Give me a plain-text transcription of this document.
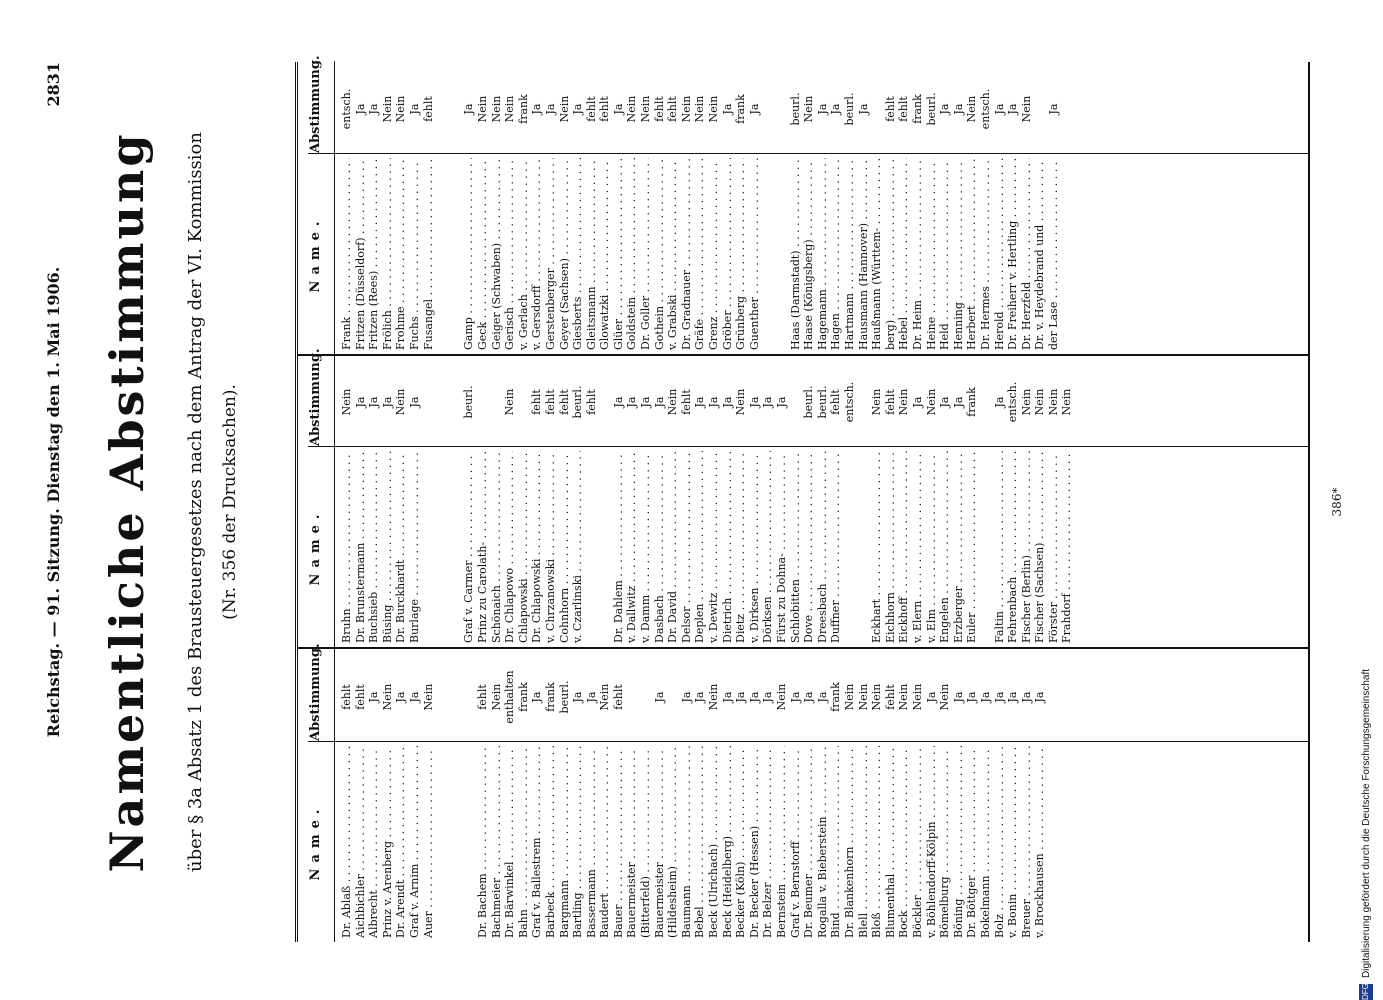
Reichstag. — 91. Sitzung. Dienstag den 1. Mai 1906.
2831
Namentliche Abstimmung über § 3a Absatz 1 des Brausteuergesetzes nach dem Antrag der VI. Kommission (Nr. 356 der Drucksachen).
Name.
Abstimmung.
Dr. Ablaß . . .
fehlt
Aichbichler . . .
fehlt
Albrecht . . .
Ja
Prinz v. Arenberg . . .
Nein
Dr. Arendt . . .
Ja
Graf v. Arnim . . .
Ja
Auer . . .
Nein
Dr. Bachem . . .
fehlt
Bachmeier . . .
Nein
Dr. Bärwinkel . . .
enthalten
Bahn . . .
frank
Graf v. Ballestrem . . .
Ja
Barbeck . . .
frank
Bargmann . . .
beurl.
Bartling . . .
Ja
Bassermann . . .
Ja
Baudert . . .
Nein
Bauer . . .
fehlt
Bauermeister . . . (Bitterfeld) . . . Bauermeister . . .
Ja
(Hildesheim) . . . Baumann . . .
Ja
Bebel . . .
Ja
Beck (Ulrichach) . . .
Nein
Beck (Heidelberg) . . .
Ja
Becker (Köln) . . .
Ja
Dr. Becker (Hessen) . . .
Ja
Dr. Belzer . . .
Ja
Bernstein . . .
Nein
Graf v. Bernstorff . . .
Ja
Dr. Beumer . . .
Ja
Rogalla v. Bieberstein . . .
Ja
Bind . . .
frank
Dr. Blankenhorn . . .
Nein
Blell . . .
Nein
Bloß . . .
Nein
Blumenthal . . .
fehlt
Bock . . .
Nein
Böckler . . .
Nein
v. Böhlendorff-Kölpin . . .
Ja
Bömelburg . . .
Nein
Böning . . .
Ja
Dr. Böttger . . .
Ja
Bokelmann . . .
Ja
Bolz . . .
Ja
v. Bonin . . .
Ja
Breuer . . .
Ja
v. Brockhausen . . .
Ja
Name.
Abstimmung.
Bruhn . . .
Nein
Dr. Brunstermann . . .
Ja
Buchsieb . . .
Ja
Büsing . . .
Ja
Dr. Burckhardt . . .
Nein
Burlage . . .
Ja
Graf v. Carmer . . .
beurl.
Prinz zu Carolath- . . . Schönaich . . . Dr. Chlapowo . . .
Nein
Chlapowski . . . Dr. Chlapowski . . .
fehlt
v. Chrzanowski . . .
fehlt
Cohnhorn . . .
fehlt
v. Czarlinski . . .
beurl. fehlt
Dr. Dahlem . . .
Ja
v. Dallwitz . . .
Ja
v. Damm . . .
Ja
Dasbach . . .
Ja
Dr. David . . .
Nein
Delsor . . .
fehlt
Deplen . . .
Ja
v. Dewitz . . .
Ja
Dietrich . . .
Ja
Dietz . . .
Nein
v. Dirksen . . .
Ja
Dörksen . . .
Ja
Fürst zu Dohna- . . .
Ja
Schlobitten . . . Dove . . .
beurl.
Dreesbach . . .
beurl.
Duffner . . .
fehlt entsch.
Eckhart . . .
Nein
Eichhorn . . .
fehlt
Eickhoff . . .
Nein
v. Elern . . .
Ja
v. Elm . . .
Nein
Engelen . . .
Ja
Erzberger . . .
Ja
Euler . . .
frank
Faltin . . .
Ja
Fehrenbach . . .
entsch.
Fischer (Berlin) . . .
Nein
Fischer (Sachsen) . . .
Nein
Förster . . .
Nein
Frahdorf . . .
Nein
Name.
Abstimmung.
Frank . . .
entsch.
Fritzen (Düsseldorf) . . .
Ja
Fritzen (Rees) . . .
Ja
Frölich . . .
Nein
Frohme . . .
Nein
Fuchs . . .
Ja
Fusangel . . .
fehlt
Gamp . . .
Ja
Geck . . .
Nein
Geiger (Schwaben) . . .
Nein
Gerisch . . .
Nein
v. Gerlach . . .
frank
v. Gersdorff . . .
Ja
Gerstenberger . . .
Ja
Geyer (Sachsen) . . .
Nein
Giesberts . . .
Ja
Gleitsmann . . .
fehlt
Glowatzki . . .
fehlt
Glüer . . .
Ja
Goldstein . . .
Nein
Dr. Goller . . .
Nein
Gothein . . .
fehlt
v. Grabski . . .
fehlt
Dr. Gradnauer . . .
Nein
Gräfe . . .
Nein
Grenz . . .
Nein
Gröber . . .
Ja
Grünberg . . .
frank
Guenther . . .
Ja
Haas (Darmstadt) . . .
beurl.
Haase (Königsberg) . . .
Nein
Hagemann . . .
Ja
Hagen . . .
Ja
Hartmann . . .
beurl.
Hausmann (Hannover) . . .
Ja
Haußmann (Württem- . . . berg) . . .
fehlt
Hebel . . .
fehlt
Dr. Heim . . .
frank
Heine . . .
beurl.
Held . . .
Ja
Henning . . .
Ja
Herbert . . .
Nein
Dr. Hermes . . .
entsch.
Herold . . .
Ja
Dr. Freiherr v. Hertling . . .
Ja
Dr. Herzfeld . . .
Nein
Dr. v. Heydebrand und . . . der Lase . . .
Ja
386*
DFG
Digitalisierung gefördert durch die Deutsche Forschungsgemeinschaft
